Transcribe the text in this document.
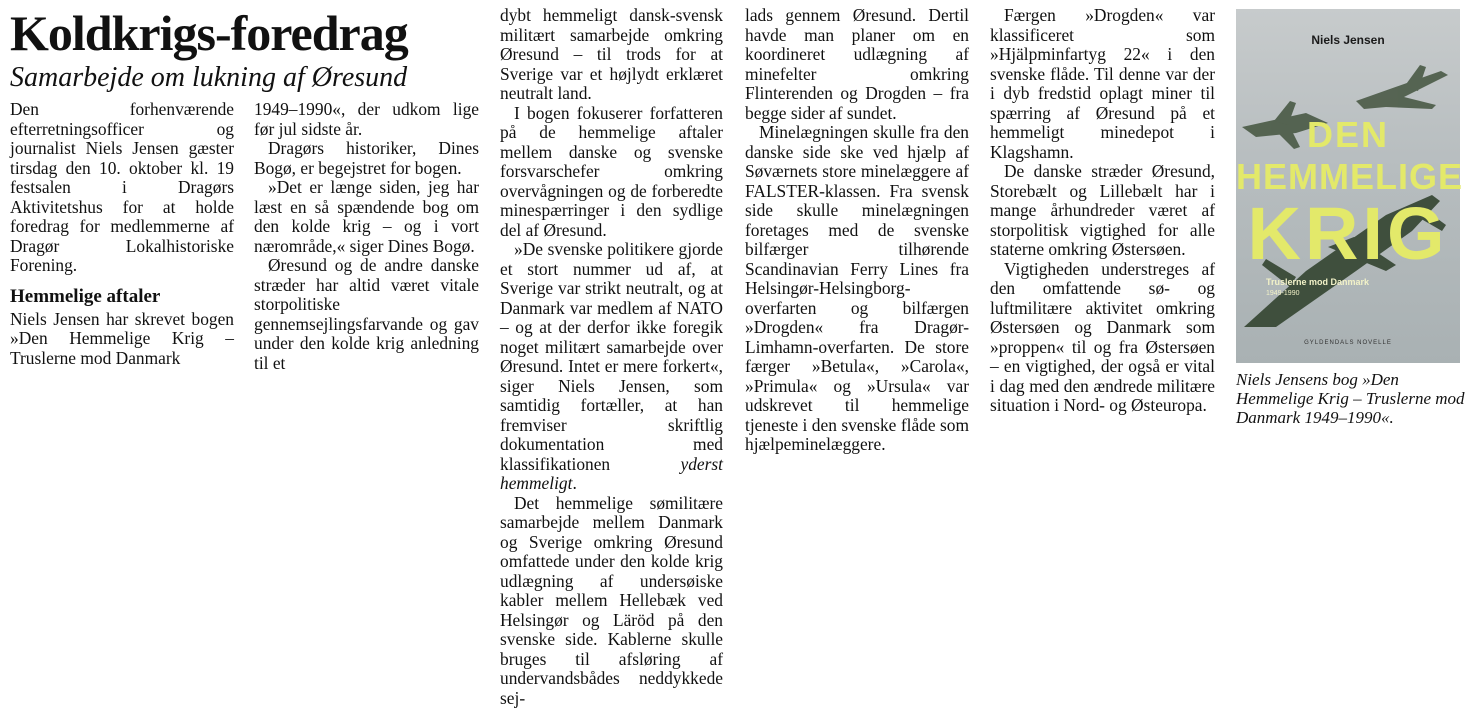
Koldkrigs-foredrag
Samarbejde om lukning af Øresund

Den forhenværende efterretningsofficer og journalist Niels Jensen gæster tirsdag den 10. oktober kl. 19 festsalen i Dragørs Aktivitetshus for at holde foredrag for medlemmerne af Dragør Lokalhistoriske Forening.

Hemmelige aftaler

Niels Jensen har skrevet bogen »Den Hemmelige Krig – Truslerne mod Danmark

1949–1990«, der udkom lige før jul sidste år.

Dragørs historiker, Dines Bogø, er begejstret for bogen.

»Det er længe siden, jeg har læst en så spændende bog om den kolde krig – og i vort nærområde,« siger Dines Bogø.

Øresund og de andre danske stræder har altid været vitale storpolitiske gennemsejlingsfarvande og gav under den kolde krig anledning til et

dybt hemmeligt dansk-svensk militært samarbejde omkring Øresund – til trods for at Sverige var et højlydt erklæret neutralt land.

I bogen fokuserer forfatteren på de hemmelige aftaler mellem danske og svenske forsvarschefer omkring overvågningen og de forberedte minespærringer i den sydlige del af Øresund.

»De svenske politikere gjorde et stort nummer ud af, at Sverige var strikt neutralt, og at Danmark var medlem af NATO – og at der derfor ikke foregik noget militært samarbejde over Øresund. Intet er mere forkert«, siger Niels Jensen, som samtidig fortæller, at han fremviser skriftlig dokumentation med klassifikationen	yderst hemmeligt.

Det hemmelige sømilitære samarbejde mellem Danmark og Sverige omkring Øresund omfattede under den kolde krig udlægning af undersøiske kabler mellem Hellebæk ved Helsingør og Läröd på den svenske side. Kablerne skulle bruges til afsløring af undervandsbådes neddykkede sej-

lads gennem Øresund. Dertil havde man planer om en koordineret udlægning af minefelter omkring Flinterenden og Drogden – fra begge sider af sundet.

Minelægningen skulle fra den danske side ske ved hjælp af Søværnets store minelæggere af FALSTER-klassen. Fra svensk side skulle minelægningen foretages med de svenske bilfærger tilhørende Scandinavian Ferry Lines fra Helsingør-Helsingborg-overfarten og bilfærgen »Drogden« fra Dragør-Limhamn-overfarten. De store færger »Betula«, »Carola«, »Primula« og »Ursula« var udskrevet til hemmelige tjeneste i den svenske flåde som hjælpeminelæggere.

Færgen »Drogden« var klassificeret som »Hjälpminfartyg 22« i den svenske flåde. Til denne var der i dyb fredstid oplagt miner til spærring af Øresund på et hemmeligt minedepot i Klagshamn.

De danske stræder Øresund, Storebælt og Lillebælt har i mange århundreder været af storpolitisk vigtighed for alle staterne omkring Østersøen.

Vigtigheden understreges af den omfattende sø- og luftmilitære aktivitet omkring Østersøen og Danmark som »proppen« til og fra Østersøen – en vigtighed, der også er vital i dag med den ændrede militære situation i Nord- og Østeuropa.

Niels Jensen
DEN
HEMMELIGE
KRIG
Truslerne mod Danmark
1949-1990
GYLDENDALS NOVELLE

Niels Jensens bog »Den Hemmelige Krig – Truslerne mod Danmark 1949–1990«.
